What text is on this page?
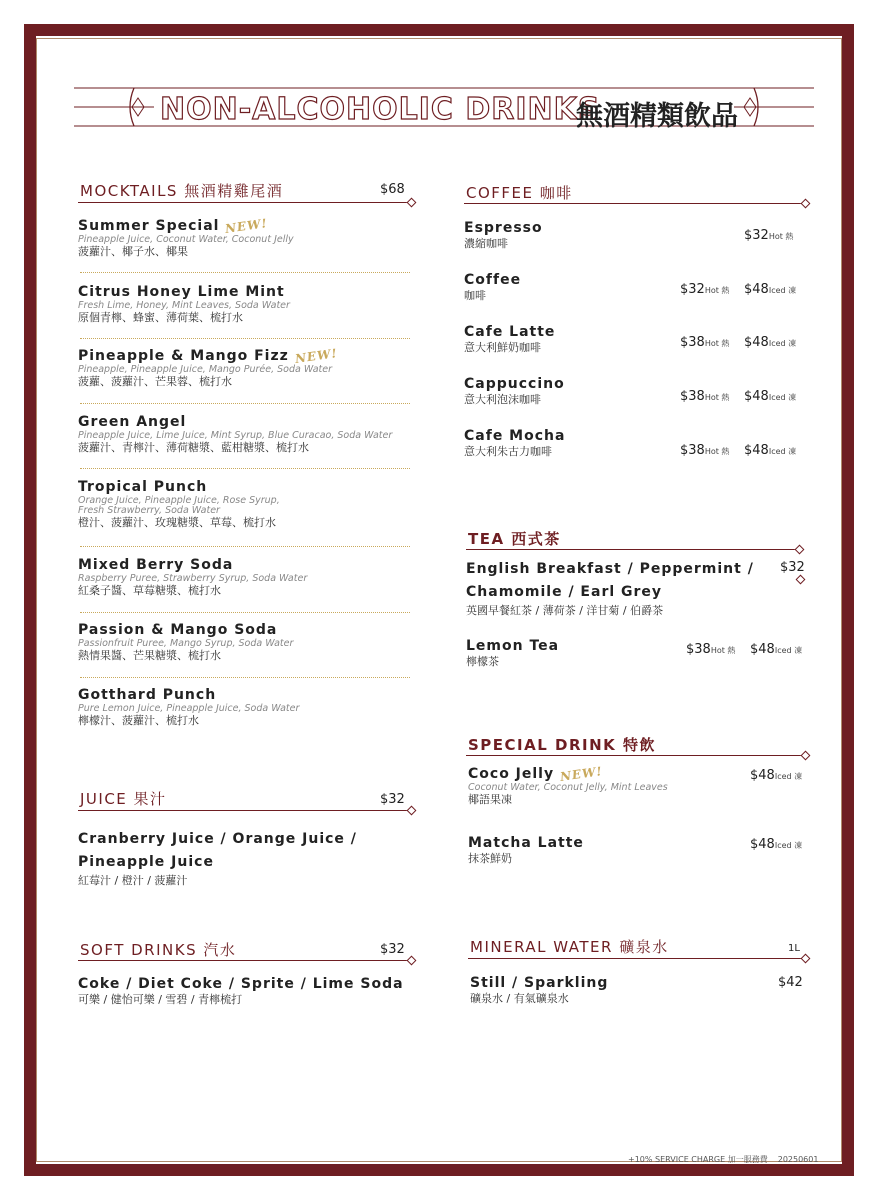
NON-ALCOHOLIC DRINKS
無酒精類飲品
MOCKTAILS 無酒精雞尾酒	$68
Summer Special NEW!
Pineapple Juice, Coconut Water, Coconut Jelly
菠蘿汁、椰子水、椰果
Citrus Honey Lime Mint
Fresh Lime, Honey, Mint Leaves, Soda Water
原個青檸、蜂蜜、薄荷葉、梳打水
Pineapple & Mango Fizz NEW!
Pineapple, Pineapple Juice, Mango Purée, Soda Water
菠蘿、菠蘿汁、芒果蓉、梳打水
Green Angel
Pineapple Juice, Lime Juice, Mint Syrup, Blue Curacao, Soda Water
菠蘿汁、青檸汁、薄荷糖漿、藍柑糖漿、梳打水
Tropical Punch
Orange Juice, Pineapple Juice, Rose Syrup,
Fresh Strawberry, Soda Water
橙汁、菠蘿汁、玫瑰糖漿、草莓、梳打水
Mixed Berry Soda
Raspberry Puree, Strawberry Syrup, Soda Water
紅桑子醬、草莓糖漿、梳打水
Passion & Mango Soda
Passionfruit Puree, Mango Syrup, Soda Water
熱情果醬、芒果糖漿、梳打水
Gotthard Punch
Pure Lemon Juice, Pineapple Juice, Soda Water
檸檬汁、菠蘿汁、梳打水
JUICE 果汁	$32
Cranberry Juice / Orange Juice /
Pineapple Juice
紅莓汁 / 橙汁 / 菠蘿汁
SOFT DRINKS 汽水	$32
Coke / Diet Coke / Sprite / Lime Soda
可樂 / 健怡可樂 / 雪碧 / 青檸梳打
COFFEE 咖啡
Espresso
濃縮咖啡
$32Hot 熱
Coffee
咖啡	$32Hot 熱 $48Iced 凍
Cafe Latte
意大利鮮奶咖啡	$38Hot 熱 $48Iced 凍
Cappuccino
意大利泡沫咖啡	$38Hot 熱 $48Iced 凍
Cafe Mocha
意大利朱古力咖啡	$38Hot 熱 $48Iced 凍
TEA 西式茶
English Breakfast / Peppermint /
Chamomile / Earl Grey
英國早餐紅茶 / 薄荷茶 / 洋甘菊 / 伯爵茶
$32
Lemon Tea
檸檬茶
$38Hot 熱 $48Iced 凍
SPECIAL DRINK 特飲
Coco Jelly NEW!
Coconut Water, Coconut Jelly, Mint Leaves
椰語果凍
$48Iced 凍
Matcha Latte
抹茶鮮奶
$48Iced 凍
MINERAL WATER 礦泉水	1L
Still / Sparkling
礦泉水 / 有氣礦泉水
$42
+10% SERVICE CHARGE 加一服務費 20250601
